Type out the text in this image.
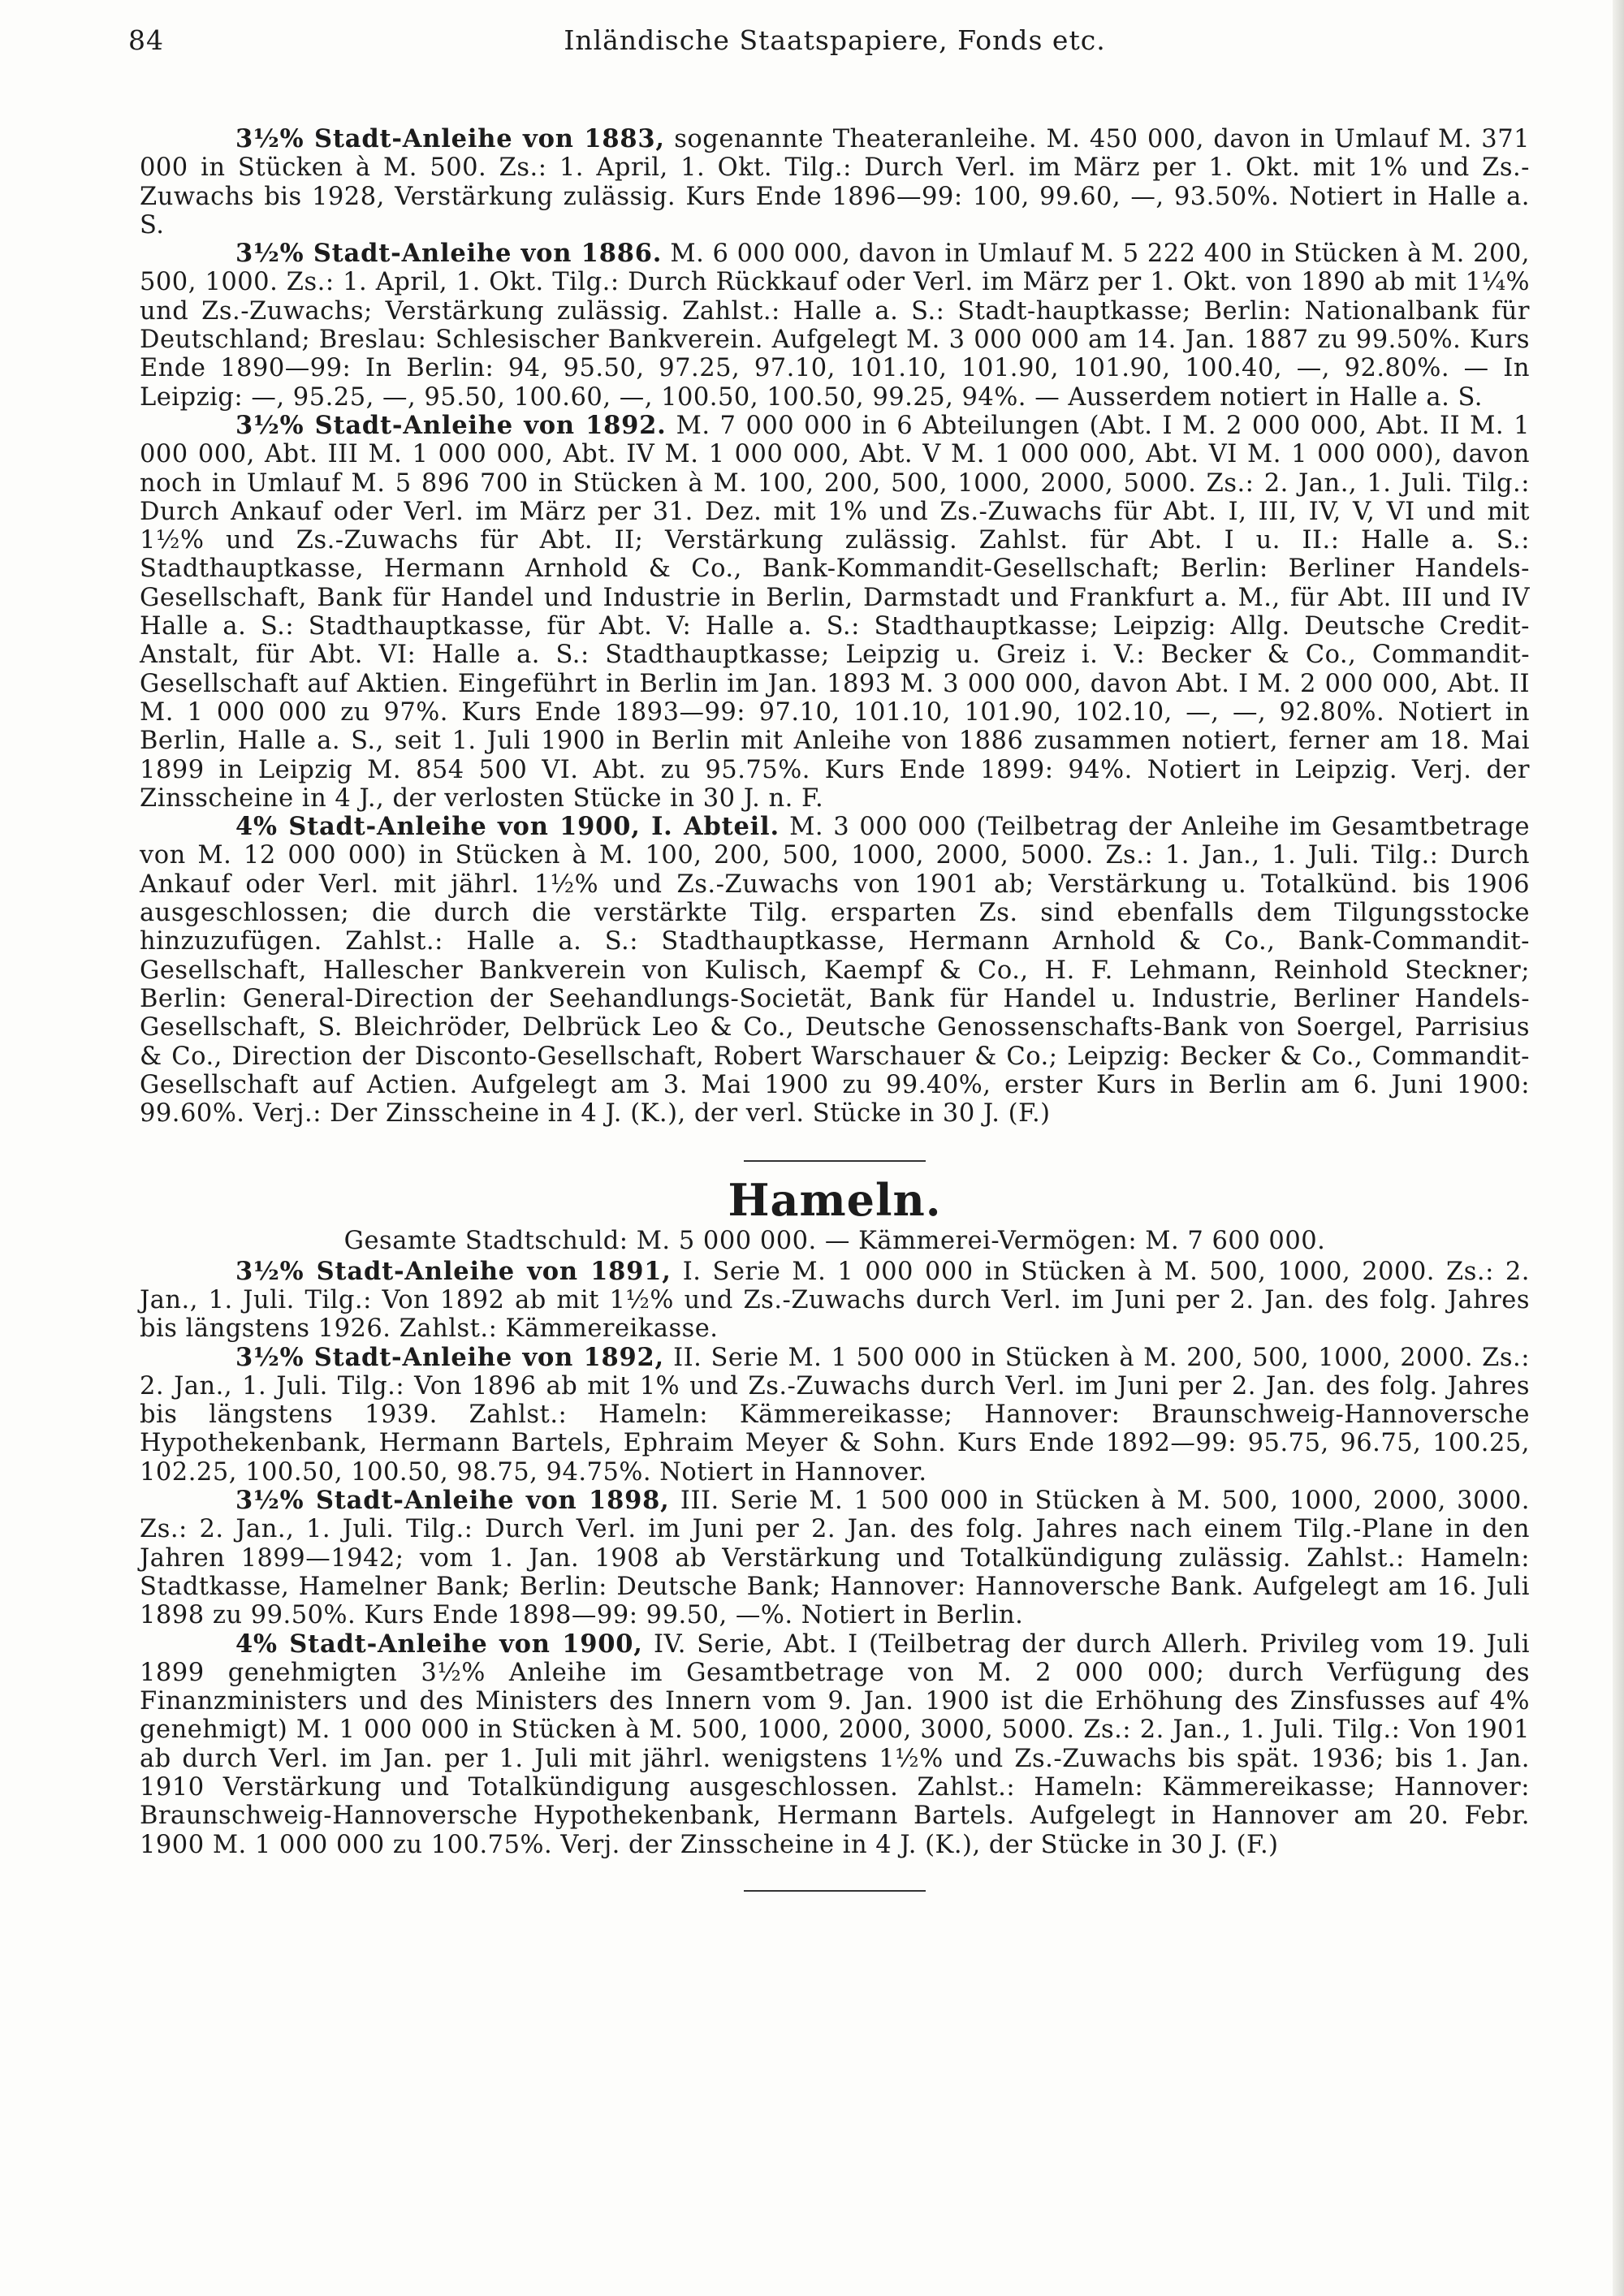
84	Inländische Staatspapiere, Fonds etc.

3½% Stadt-Anleihe von 1883, sogenannte Theateranleihe. M. 450 000, davon in Umlauf M. 371 000 in Stücken à M. 500. Zs.: 1. April, 1. Okt. Tilg.: Durch Verl. im März per 1. Okt. mit 1% und Zs.-Zuwachs bis 1928, Verstärkung zulässig. Kurs Ende 1896—99: 100, 99.60, —, 93.50%. Notiert in Halle a. S.

3½% Stadt-Anleihe von 1886. M. 6 000 000, davon in Umlauf M. 5 222 400 in Stücken à M. 200, 500, 1000. Zs.: 1. April, 1. Okt. Tilg.: Durch Rückkauf oder Verl. im März per 1. Okt. von 1890 ab mit 1¼% und Zs.-Zuwachs; Verstärkung zulässig. Zahlst.: Halle a. S.: Stadt-hauptkasse; Berlin: Nationalbank für Deutschland; Breslau: Schlesischer Bankverein. Aufgelegt M. 3 000 000 am 14. Jan. 1887 zu 99.50%. Kurs Ende 1890—99: In Berlin: 94, 95.50, 97.25, 97.10, 101.10, 101.90, 101.90, 100.40, —, 92.80%. — In Leipzig: —, 95.25, —, 95.50, 100.60, —, 100.50, 100.50, 99.25, 94%. — Ausserdem notiert in Halle a. S.

3½% Stadt-Anleihe von 1892. M. 7 000 000 in 6 Abteilungen (Abt. I M. 2 000 000, Abt. II M. 1 000 000, Abt. III M. 1 000 000, Abt. IV M. 1 000 000, Abt. V M. 1 000 000, Abt. VI M. 1 000 000), davon noch in Umlauf M. 5 896 700 in Stücken à M. 100, 200, 500, 1000, 2000, 5000. Zs.: 2. Jan., 1. Juli. Tilg.: Durch Ankauf oder Verl. im März per 31. Dez. mit 1% und Zs.-Zuwachs für Abt. I, III, IV, V, VI und mit 1½% und Zs.-Zuwachs für Abt. II; Verstärkung zulässig. Zahlst. für Abt. I u. II.: Halle a. S.: Stadthauptkasse, Hermann Arnhold & Co., Bank-Kommandit-Gesellschaft; Berlin: Berliner Handels-Gesellschaft, Bank für Handel und Industrie in Berlin, Darmstadt und Frankfurt a. M., für Abt. III und IV Halle a. S.: Stadthauptkasse, für Abt. V: Halle a. S.: Stadthauptkasse; Leipzig: Allg. Deutsche Credit-Anstalt, für Abt. VI: Halle a. S.: Stadthauptkasse; Leipzig u. Greiz i. V.: Becker & Co., Commandit-Gesellschaft auf Aktien. Eingeführt in Berlin im Jan. 1893 M. 3 000 000, davon Abt. I M. 2 000 000, Abt. II M. 1 000 000 zu 97%. Kurs Ende 1893—99: 97.10, 101.10, 101.90, 102.10, —, —, 92.80%. Notiert in Berlin, Halle a. S., seit 1. Juli 1900 in Berlin mit Anleihe von 1886 zusammen notiert, ferner am 18. Mai 1899 in Leipzig M. 854 500 VI. Abt. zu 95.75%. Kurs Ende 1899: 94%. Notiert in Leipzig. Verj. der Zinsscheine in 4 J., der verlosten Stücke in 30 J. n. F.

4% Stadt-Anleihe von 1900, I. Abteil. M. 3 000 000 (Teilbetrag der Anleihe im Gesamtbetrage von M. 12 000 000) in Stücken à M. 100, 200, 500, 1000, 2000, 5000. Zs.: 1. Jan., 1. Juli. Tilg.: Durch Ankauf oder Verl. mit jährl. 1½% und Zs.-Zuwachs von 1901 ab; Verstärkung u. Totalkünd. bis 1906 ausgeschlossen; die durch die verstärkte Tilg. ersparten Zs. sind ebenfalls dem Tilgungsstocke hinzuzufügen. Zahlst.: Halle a. S.: Stadthauptkasse, Hermann Arnhold & Co., Bank-Commandit-Gesellschaft, Hallescher Bankverein von Kulisch, Kaempf & Co., H. F. Lehmann, Reinhold Steckner; Berlin: General-Direction der Seehandlungs-Societät, Bank für Handel u. Industrie, Berliner Handels-Gesellschaft, S. Bleichröder, Delbrück Leo & Co., Deutsche Genossenschafts-Bank von Soergel, Parrisius & Co., Direction der Disconto-Gesellschaft, Robert Warschauer & Co.; Leipzig: Becker & Co., Commandit-Gesellschaft auf Actien. Aufgelegt am 3. Mai 1900 zu 99.40%, erster Kurs in Berlin am 6. Juni 1900: 99.60%. Verj.: Der Zinsscheine in 4 J. (K.), der verl. Stücke in 30 J. (F.)

Hameln.
Gesamte Stadtschuld: M. 5 000 000. — Kämmerei-Vermögen: M. 7 600 000.

3½% Stadt-Anleihe von 1891, I. Serie M. 1 000 000 in Stücken à M. 500, 1000, 2000. Zs.: 2. Jan., 1. Juli. Tilg.: Von 1892 ab mit 1½% und Zs.-Zuwachs durch Verl. im Juni per 2. Jan. des folg. Jahres bis längstens 1926. Zahlst.: Kämmereikasse.

3½% Stadt-Anleihe von 1892, II. Serie M. 1 500 000 in Stücken à M. 200, 500, 1000, 2000. Zs.: 2. Jan., 1. Juli. Tilg.: Von 1896 ab mit 1% und Zs.-Zuwachs durch Verl. im Juni per 2. Jan. des folg. Jahres bis längstens 1939. Zahlst.: Hameln: Kämmereikasse; Hannover: Braunschweig-Hannoversche Hypothekenbank, Hermann Bartels, Ephraim Meyer & Sohn. Kurs Ende 1892—99: 95.75, 96.75, 100.25, 102.25, 100.50, 100.50, 98.75, 94.75%. Notiert in Hannover.

3½% Stadt-Anleihe von 1898, III. Serie M. 1 500 000 in Stücken à M. 500, 1000, 2000, 3000. Zs.: 2. Jan., 1. Juli. Tilg.: Durch Verl. im Juni per 2. Jan. des folg. Jahres nach einem Tilg.-Plane in den Jahren 1899—1942; vom 1. Jan. 1908 ab Verstärkung und Totalkündigung zulässig. Zahlst.: Hameln: Stadtkasse, Hamelner Bank; Berlin: Deutsche Bank; Hannover: Hannoversche Bank. Aufgelegt am 16. Juli 1898 zu 99.50%. Kurs Ende 1898—99: 99.50, —%. Notiert in Berlin.

4% Stadt-Anleihe von 1900, IV. Serie, Abt. I (Teilbetrag der durch Allerh. Privileg vom 19. Juli 1899 genehmigten 3½% Anleihe im Gesamtbetrage von M. 2 000 000; durch Verfügung des Finanzministers und des Ministers des Innern vom 9. Jan. 1900 ist die Erhöhung des Zinsfusses auf 4% genehmigt) M. 1 000 000 in Stücken à M. 500, 1000, 2000, 3000, 5000. Zs.: 2. Jan., 1. Juli. Tilg.: Von 1901 ab durch Verl. im Jan. per 1. Juli mit jährl. wenigstens 1½% und Zs.-Zuwachs bis spät. 1936; bis 1. Jan. 1910 Verstärkung und Totalkündigung ausgeschlossen. Zahlst.: Hameln: Kämmereikasse; Hannover: Braunschweig-Hannoversche Hypothekenbank, Hermann Bartels. Aufgelegt in Hannover am 20. Febr. 1900 M. 1 000 000 zu 100.75%. Verj. der Zinsscheine in 4 J. (K.), der Stücke in 30 J. (F.)
